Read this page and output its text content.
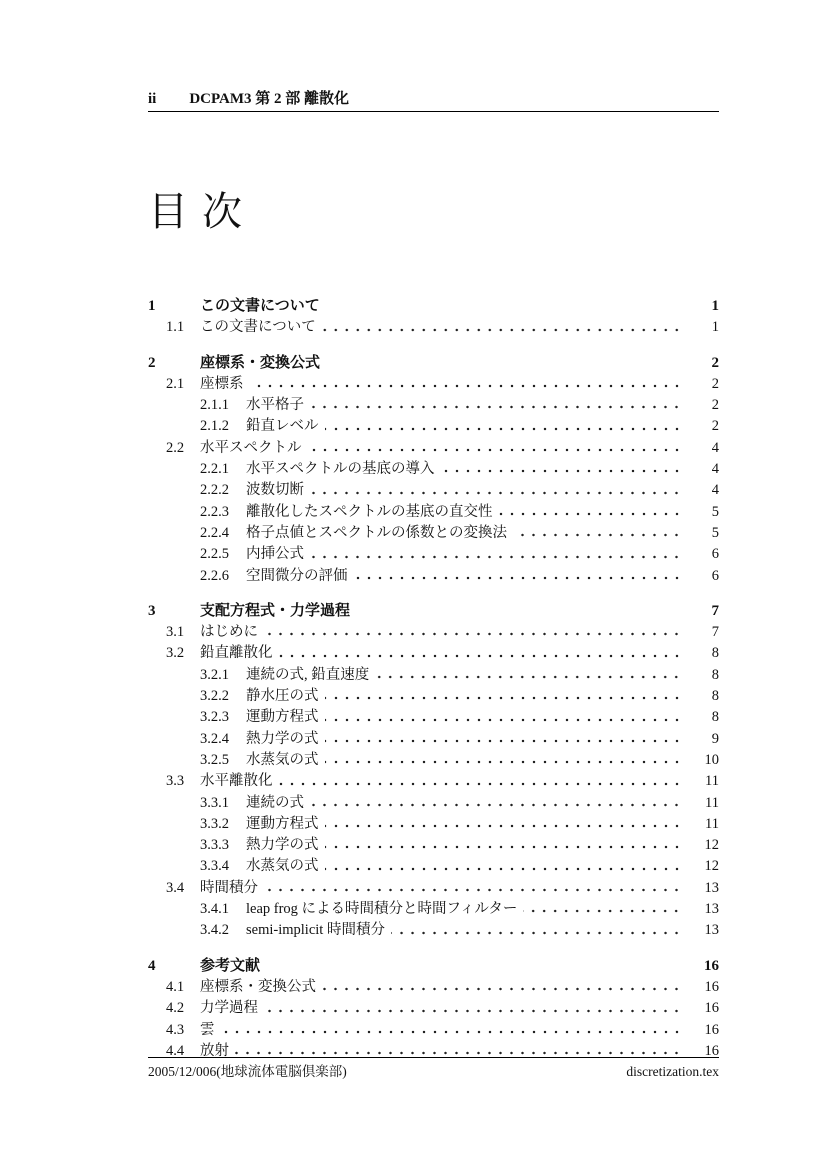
ii DCPAM3 第 2 部 離散化
目 次
1	この文書について	1
1.1	この文書について	1
2	座標系・変換公式	2
2.1	座標系	2
2.1.1	水平格子	2
2.1.2	鉛直レベル	2
2.2	水平スペクトル	4
2.2.1	水平スペクトルの基底の導入	4
2.2.2	波数切断	4
2.2.3	離散化したスペクトルの基底の直交性	5
2.2.4	格子点値とスペクトルの係数との変換法	5
2.2.5	内挿公式	6
2.2.6	空間微分の評価	6
3	支配方程式・力学過程	7
3.1	はじめに	7
3.2	鉛直離散化	8
3.2.1	連続の式, 鉛直速度	8
3.2.2	静水圧の式	8
3.2.3	運動方程式	8
3.2.4	熱力学の式	9
3.2.5	水蒸気の式	10
3.3	水平離散化	11
3.3.1	連続の式	11
3.3.2	運動方程式	11
3.3.3	熱力学の式	12
3.3.4	水蒸気の式	12
3.4	時間積分	13
3.4.1	leap frog による時間積分と時間フィルター	13
3.4.2	semi-implicit 時間積分	13
4	参考文献	16
4.1	座標系・変換公式	16
4.2	力学過程	16
4.3	雲	16
4.4	放射	16
2005/12/006(地球流体電脳倶楽部)	discretization.tex
